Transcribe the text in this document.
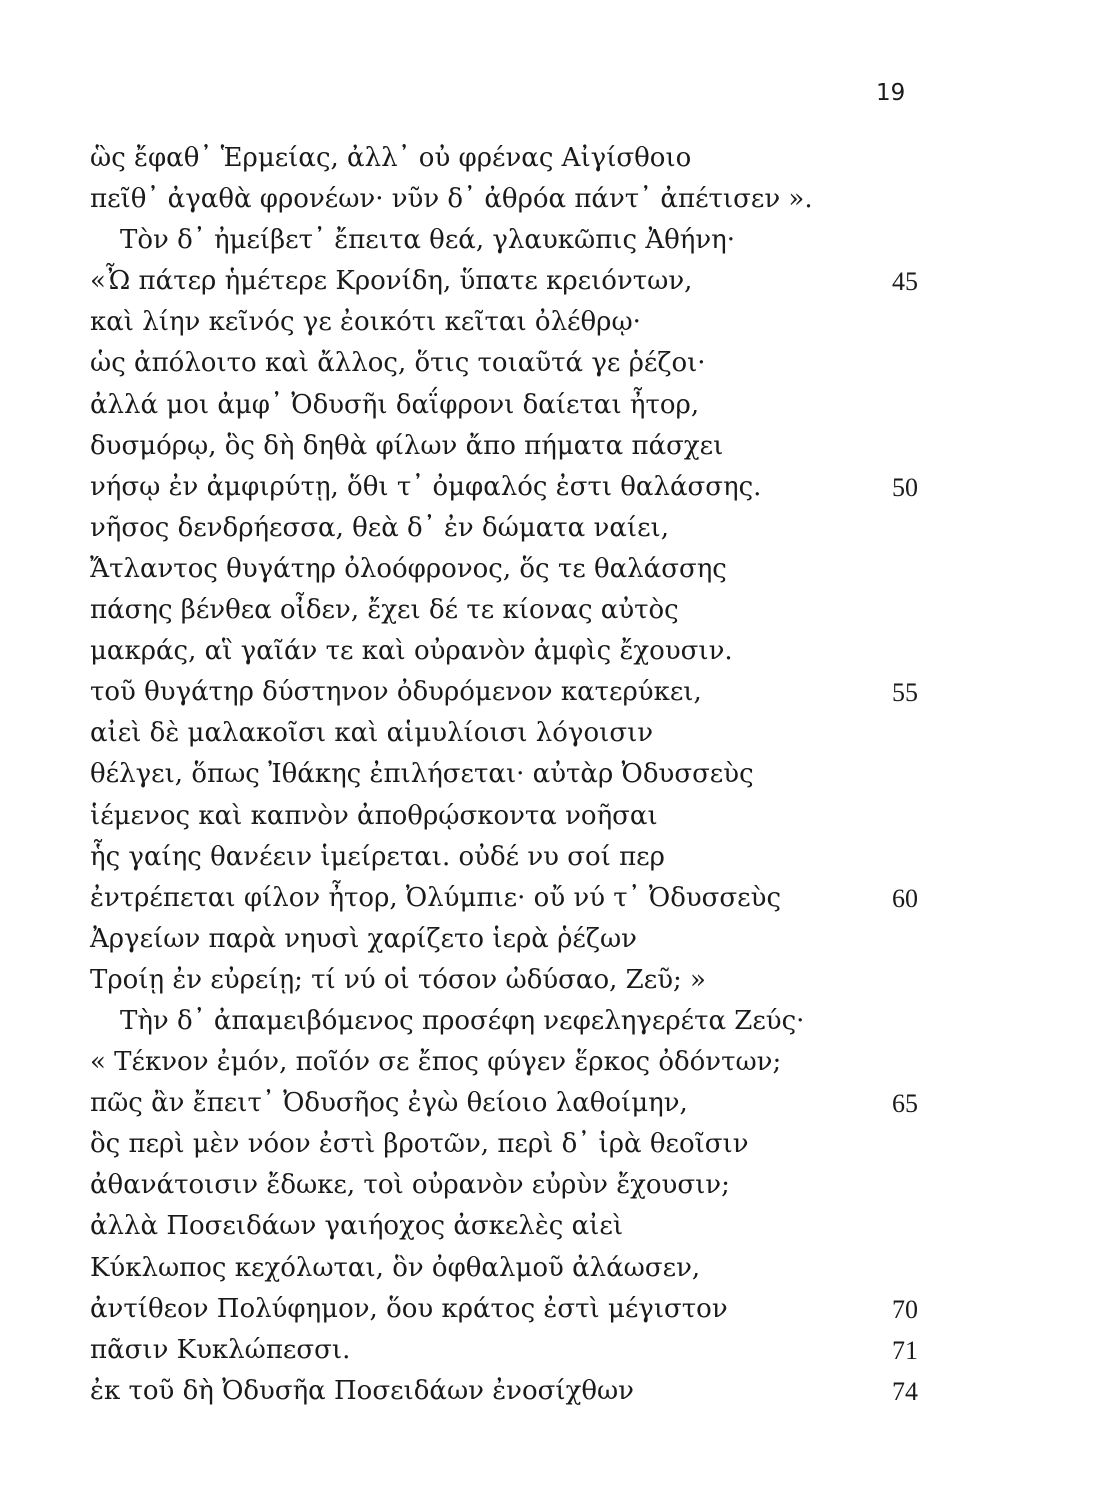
19
ὣς ἔφαθ᾽ Ἑρμείας, ἀλλ᾽ οὐ φρένας Αἰγίσθοιο
πεῖθ᾽ ἀγαθὰ φρονέων· νῦν δ᾽ ἀθρόα πάντ᾽ ἀπέτισεν ».
Τὸν δ᾽ ἠμείβετ᾽ ἔπειτα θεά, γλαυκῶπις Ἀθήνη·
«Ὦ πάτερ ἡμέτερε Κρονίδη, ὕπατε κρειόντων,	45
καὶ λίην κεῖνός γε ἐοικότι κεῖται ὀλέθρῳ·
ὡς ἀπόλοιτο καὶ ἄλλος, ὅτις τοιαῦτά γε ῥέζοι·
ἀλλά μοι ἀμφ᾽ Ὀδυσῆι δαΐφρονι δαίεται ἦτορ,
δυσμόρῳ, ὃς δὴ δηθὰ φίλων ἄπο πήματα πάσχει
νήσῳ ἐν ἀμφιρύτῃ, ὅθι τ᾽ ὀμφαλός ἐστι θαλάσσης.	50
νῆσος δενδρήεσσα, θεὰ δ᾽ ἐν δώματα ναίει,
Ἄτλαντος θυγάτηρ ὀλοόφρονος, ὅς τε θαλάσσης
πάσης βένθεα οἶδεν, ἔχει δέ τε κίονας αὐτὸς
μακράς, αἳ γαῖάν τε καὶ οὐρανὸν ἀμφὶς ἔχουσιν.
τοῦ θυγάτηρ δύστηνον ὀδυρόμενον κατερύκει,	55
αἰεὶ δὲ μαλακοῖσι καὶ αἱμυλίοισι λόγοισιν
θέλγει, ὅπως Ἰθάκης ἐπιλήσεται· αὐτὰρ Ὀδυσσεὺς
ἱέμενος καὶ καπνὸν ἀποθρῴσκοντα νοῆσαι
ἧς γαίης θανέειν ἱμείρεται. οὐδέ νυ σοί περ
ἐντρέπεται φίλον ἦτορ, Ὀλύμπιε· οὔ νύ τ᾽ Ὀδυσσεὺς	60
Ἀργείων παρὰ νηυσὶ χαρίζετο ἱερὰ ῥέζων
Τροίῃ ἐν εὐρείῃ; τί νύ οἱ τόσον ὠδύσαο, Ζεῦ; »
Τὴν δ᾽ ἀπαμειβόμενος προσέφη νεφεληγερέτα Ζεύς·
« Τέκνον ἐμόν, ποῖόν σε ἔπος φύγεν ἕρκος ὀδόντων;
πῶς ἂν ἔπειτ᾽ Ὀδυσῆος ἐγὼ θείοιο λαθοίμην,	65
ὃς περὶ μὲν νόον ἐστὶ βροτῶν, περὶ δ᾽ ἱρὰ θεοῖσιν
ἀθανάτοισιν ἔδωκε, τοὶ οὐρανὸν εὐρὺν ἔχουσιν;
ἀλλὰ Ποσειδάων γαιήοχος ἀσκελὲς αἰεὶ
Κύκλωπος κεχόλωται, ὃν ὀφθαλμοῦ ἀλάωσεν,
ἀντίθεον Πολύφημον, ὅου κράτος ἐστὶ μέγιστον	70
πᾶσιν Κυκλώπεσσι.	71
ἐκ τοῦ δὴ Ὀδυσῆα Ποσειδάων ἐνοσίχθων	74
